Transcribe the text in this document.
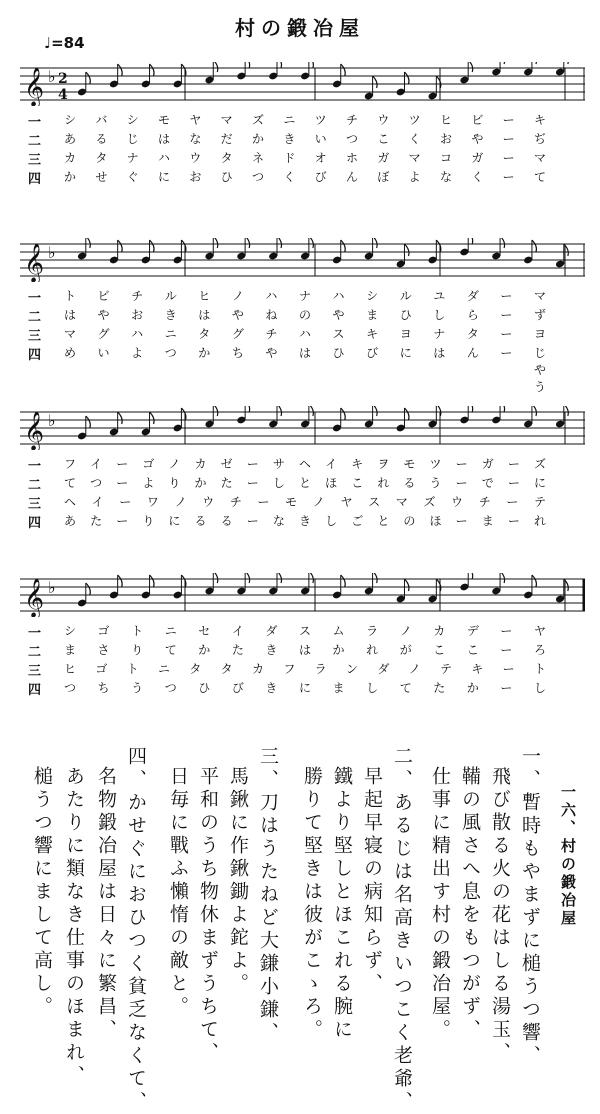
村の鍛冶屋
♩=84
𝄞 ♭ 2
4
一	シ	バ	シ	モ	ヤ	マ	ズ	ニ	ツ	チ	ウ	ツ	ヒ	ビ	ー	キ
二	あ	る	じ	は	な	だ	か	き	い	つ	こ	く	お	や	ー	ぢ
三	カ	タ	ナ	ハ	ウ	タ	ネ	ド	オ	ホ	ガ	マ	コ	ガ	ー	マ
四	か	せ	ぐ	に	お	ひ	つ	く	び	ん	ぼ	よ	な	く	ー	て
𝄞 ♭
一	ト	ビ	チ	ル	ヒ	ノ	ハ	ナ	ハ	シ	ル	ユ	ダ	ー	マ
二	は	や	お	き	は	や	ね	の	や	ま	ひ	し	ら	ー	ず
三	マ	グ	ハ	ニ	タ	グ	チ	ハ	ス	キ	ヨ	ナ	タ	ー	ヨ
四	め	い	よ	つ	か	ち	や	は	ひ	び	に	は	ん	ー	じやう
𝄞 ♭
一	フ	イ	ー	ゴ	ノ	カ	ゼ	ー	サ	ヘ	イ	キ	ヲ	モ	ツ	ー	ガ	ー	ズ
二	て	つ	ー	よ	り	か	た	ー	し	と	ほ	こ	れ	る	う	ー	で	ー	に
三	ヘ	イ	ー	ワ	ノ	ウ	チ	ー	モ	ノ	ヤ	ス	マ	ズ	ウ	チ	ー	テ
四	あ	た	ー	り	に	る	る	ー	な	き	し	ご	と	の	ほ	ー	ま	ー	れ
𝄞 ♭
一	シ	ゴ	ト	ニ	セ	イ	ダ	ス	ム	ラ	ノ	カ	デ	ー	ヤ
二	ま	さ	り	て	か	た	き	は	か	れ	が	こ	こ	ー	ろ
三	ヒ	ゴ	ト	ニ	タ	タ	カ	フ	ラ	ン	ダ	ノ	テ	キ	ー	ト
四	つ	ち	う	つ	ひ	び	き	に	ま	し	て	た	か	ー	し
一六、村の鍛冶屋
一、暫時もやまずに槌うつ響、
飛び散る火の花はしる湯玉、
鞴の風さへ息をもつがず、
仕事に精出す村の鍛冶屋。
二、あるじは名高きいつこく老爺、
早起早寝の病知らず、
鐵より堅しとほこれる腕に
勝りて堅きは彼がこゝろ。
三、刀はうたねど大鎌小鎌、
馬鍬に作鍬鋤よ鉈よ。
平和のうち物休まずうちて、
日毎に戰ふ懶惰の敵と。
四、かせぐにおひつく貧乏なくて、
名物鍛冶屋は日々に繁昌、
あたりに類なき仕事のほまれ、
槌うつ響にまして高し。
